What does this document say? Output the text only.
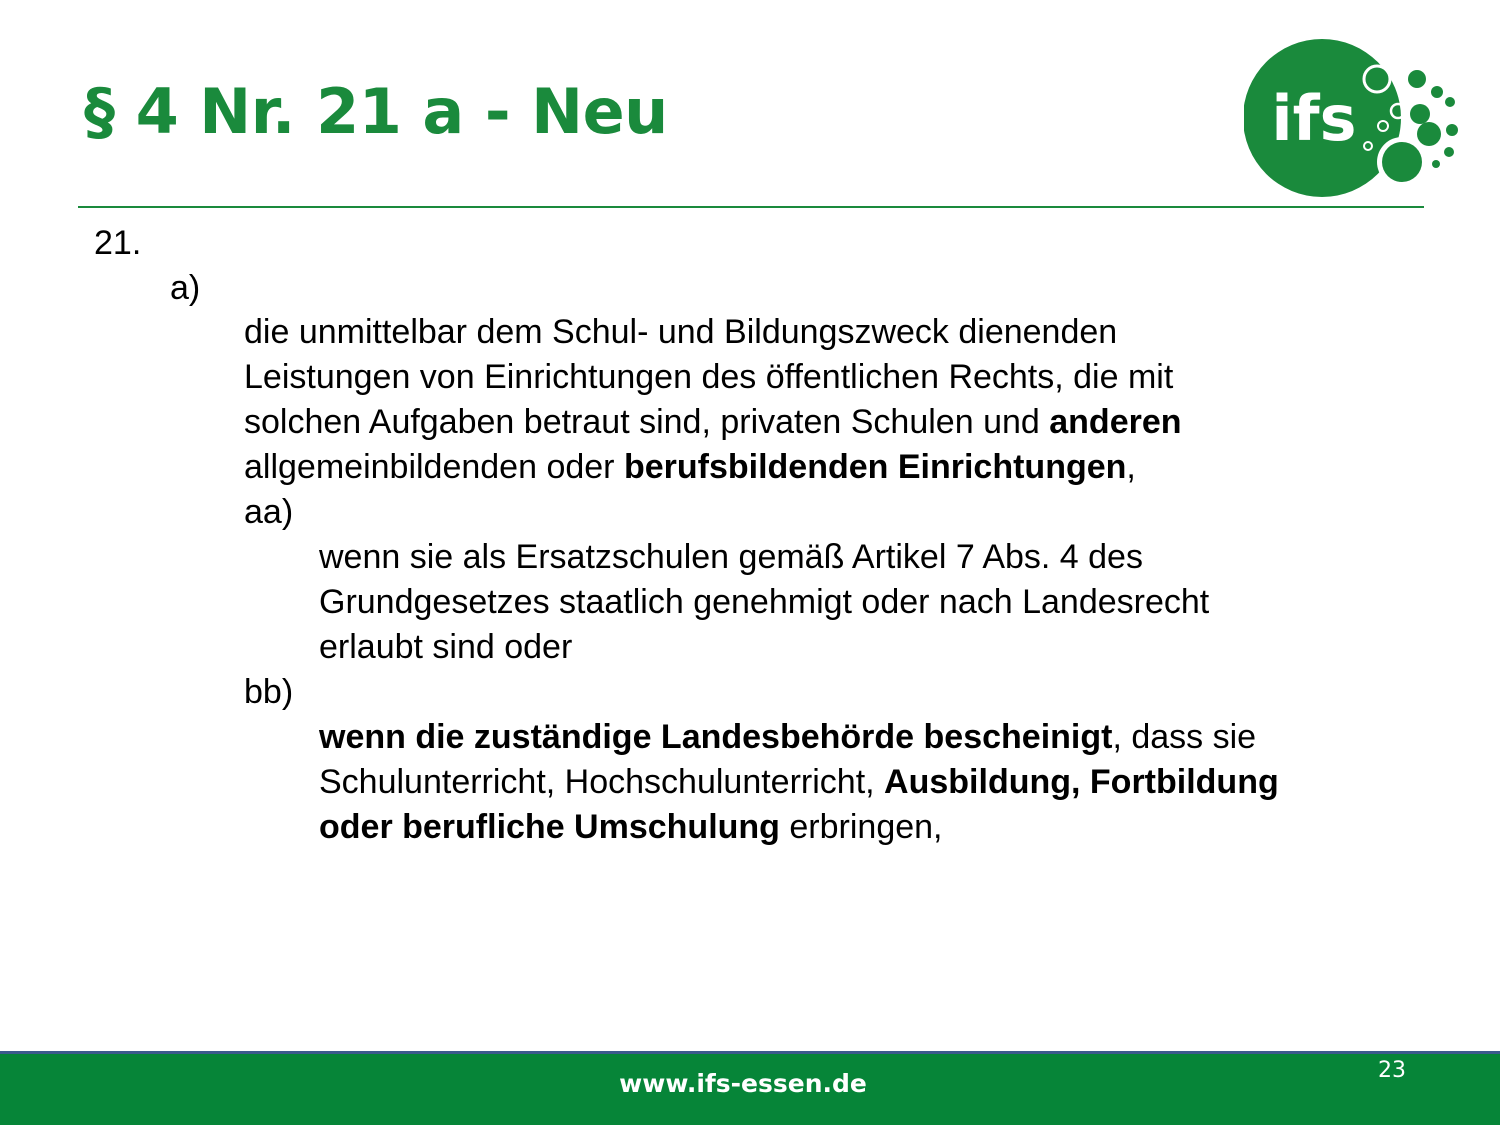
§ 4 Nr. 21 a - Neu	ifs
21.
a)
die unmittelbar dem Schul- und Bildungszweck dienenden
Leistungen von Einrichtungen des öffentlichen Rechts, die mit
solchen Aufgaben betraut sind, privaten Schulen und anderen
allgemeinbildenden oder berufsbildenden Einrichtungen,
aa)
wenn sie als Ersatzschulen gemäß Artikel 7 Abs. 4 des
Grundgesetzes staatlich genehmigt oder nach Landesrecht
erlaubt sind oder
bb)
wenn die zuständige Landesbehörde bescheinigt, dass sie
Schulunterricht, Hochschulunterricht, Ausbildung, Fortbildung
oder berufliche Umschulung erbringen,
www.ifs-essen.de	23
